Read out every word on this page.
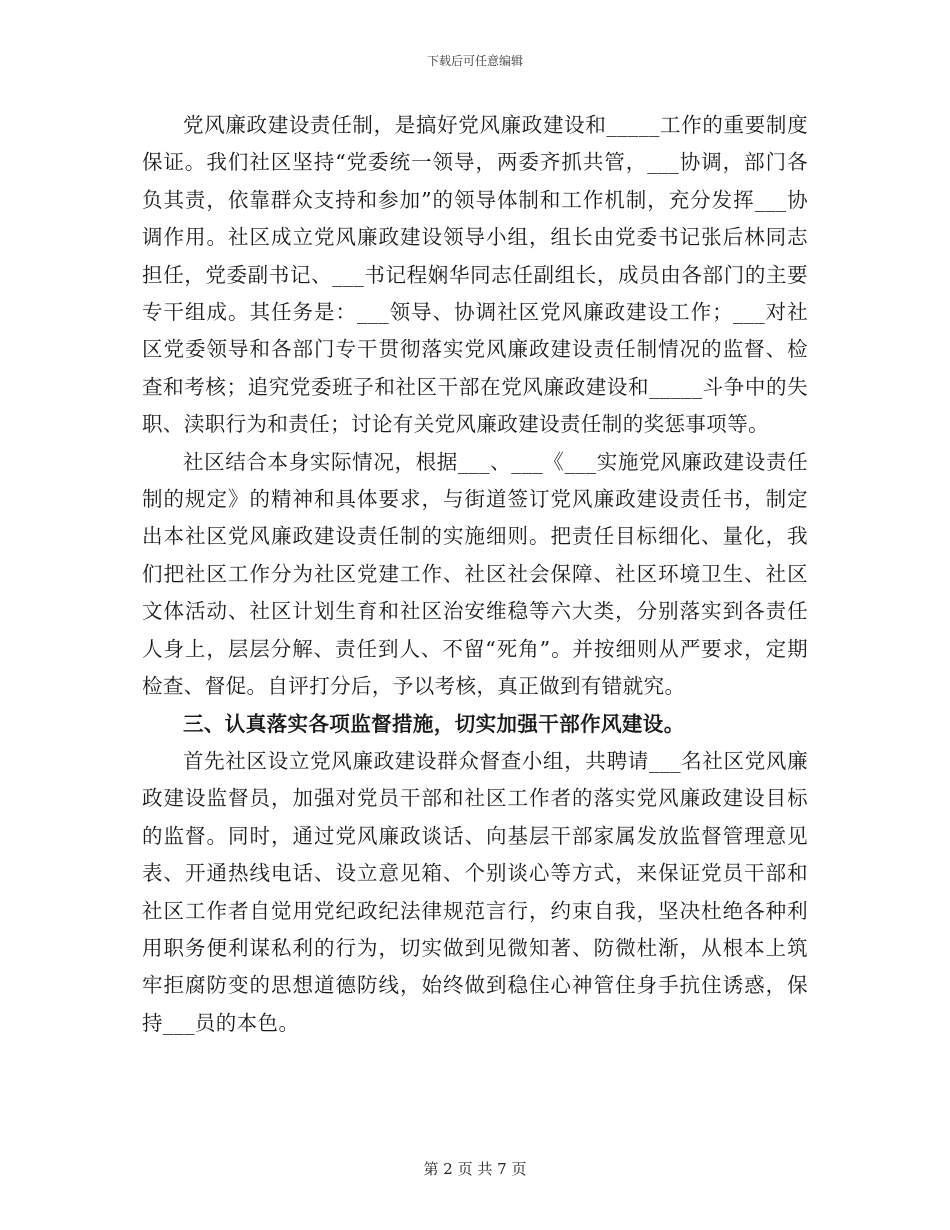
下载后可任意编辑

党风廉政建设责任制，是搞好党风廉政建设和_____工作的重要制度保证。我们社区坚持“党委统一领导，两委齐抓共管，___协调，部门各负其责，依靠群众支持和参加”的领导体制和工作机制，充分发挥___协调作用。社区成立党风廉政建设领导小组，组长由党委书记张后林同志担任，党委副书记、___书记程娴华同志任副组长，成员由各部门的主要专干组成。其任务是：___领导、协调社区党风廉政建设工作；___对社区党委领导和各部门专干贯彻落实党风廉政建设责任制情况的监督、检查和考核；追究党委班子和社区干部在党风廉政建设和_____斗争中的失职、渎职行为和责任；讨论有关党风廉政建设责任制的奖惩事项等。

社区结合本身实际情况，根据___、___《___实施党风廉政建设责任制的规定》的精神和具体要求，与街道签订党风廉政建设责任书，制定出本社区党风廉政建设责任制的实施细则。把责任目标细化、量化，我们把社区工作分为社区党建工作、社区社会保障、社区环境卫生、社区文体活动、社区计划生育和社区治安维稳等六大类，分别落实到各责任人身上，层层分解、责任到人、不留“死角”。并按细则从严要求，定期检查、督促。自评打分后，予以考核，真正做到有错就究。

三、认真落实各项监督措施，切实加强干部作风建设。

首先社区设立党风廉政建设群众督查小组，共聘请___名社区党风廉政建设监督员，加强对党员干部和社区工作者的落实党风廉政建设目标的监督。同时，通过党风廉政谈话、向基层干部家属发放监督管理意见表、开通热线电话、设立意见箱、个别谈心等方式，来保证党员干部和社区工作者自觉用党纪政纪法律规范言行，约束自我，坚决杜绝各种利用职务便利谋私利的行为，切实做到见微知著、防微杜渐，从根本上筑牢拒腐防变的思想道德防线，始终做到稳住心神管住身手抗住诱惑，保持___员的本色。

第 2 页 共 7 页
